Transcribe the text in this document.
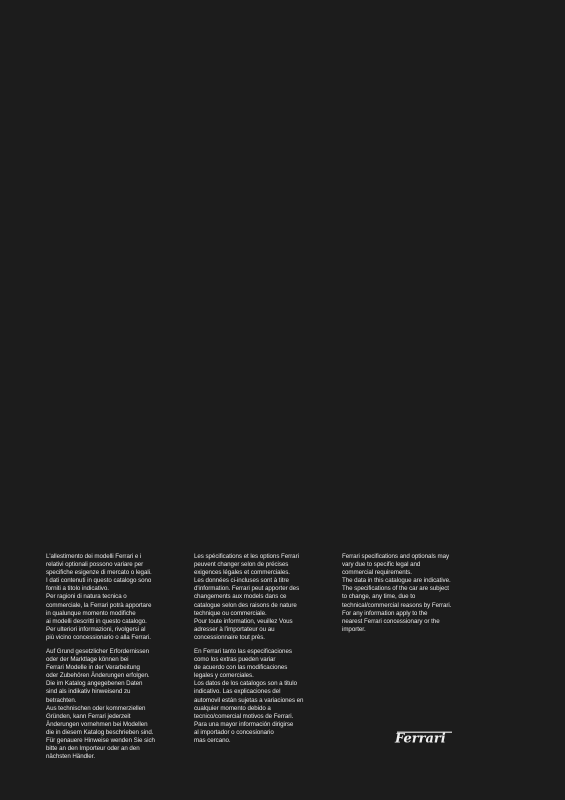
L'allestimento dei modelli Ferrari e i
relativi optionali possono variare per
specifiche esigenze di mercato o legali.
I dati contenuti in questo catalogo sono
forniti a titolo indicativo.
Per ragioni di natura tecnica o
commerciale, la Ferrari potrà apportare
in qualunque momento modifiche
ai modelli descritti in questo catalogo.
Per ulteriori informazioni, rivolgersi al
più vicino concessionario o alla Ferrari.

Les spécifications et les options Ferrari
peuvent changer selon de précises
exigences légales et commerciales.
Les données ci-incluses sont à titre
d'information. Ferrari peut apporter des
changements aux models dans ce
catalogue selon des raisons de nature
technique ou commerciale.
Pour toute information, veuillez Vous
adresser à l'importateur ou au
concessionnaire tout près.

Ferrari specifications and optionals may
vary due to specific legal and
commercial requirements.
The data in this catalogue are indicative.
The specifications of the car are subject
to change, any time, due to
technical/commercial reasons by Ferrari.
For any information apply to the
nearest Ferrari concessionary or the
importer.

Auf Grund gesetzlicher Erfordernissen
oder der Marktlage können bei
Ferrari Modelle in der Verarbeitung
oder Zubehören Änderungen erfolgen.
Die im Katalog angegebenen Daten
sind als indikativ hinweisend zu
betrachten.
Aus technischen oder kommerziellen
Gründen, kann Ferrari jederzeit
Änderungen vornehmen bei Modellen
die in diesem Katalog beschrieben sind.
Für genauere Hinweise wenden Sie sich
bitte an den Importeur oder an den
nächsten Händler.

En Ferrari tanto las especificaciones
como los extras pueden variar
de acuerdo con las modificaciones
legales y comerciales.
Los datos de los catalogos son a titulo
indicativo. Las explicaciones del
automovil están sujetas a variaciones en
cualquier momento debido a
tecnico/comercial motivos de Ferrari.
Para una mayor información dirigirse
al importador o concesionario
mas cercano.	Ferrari
